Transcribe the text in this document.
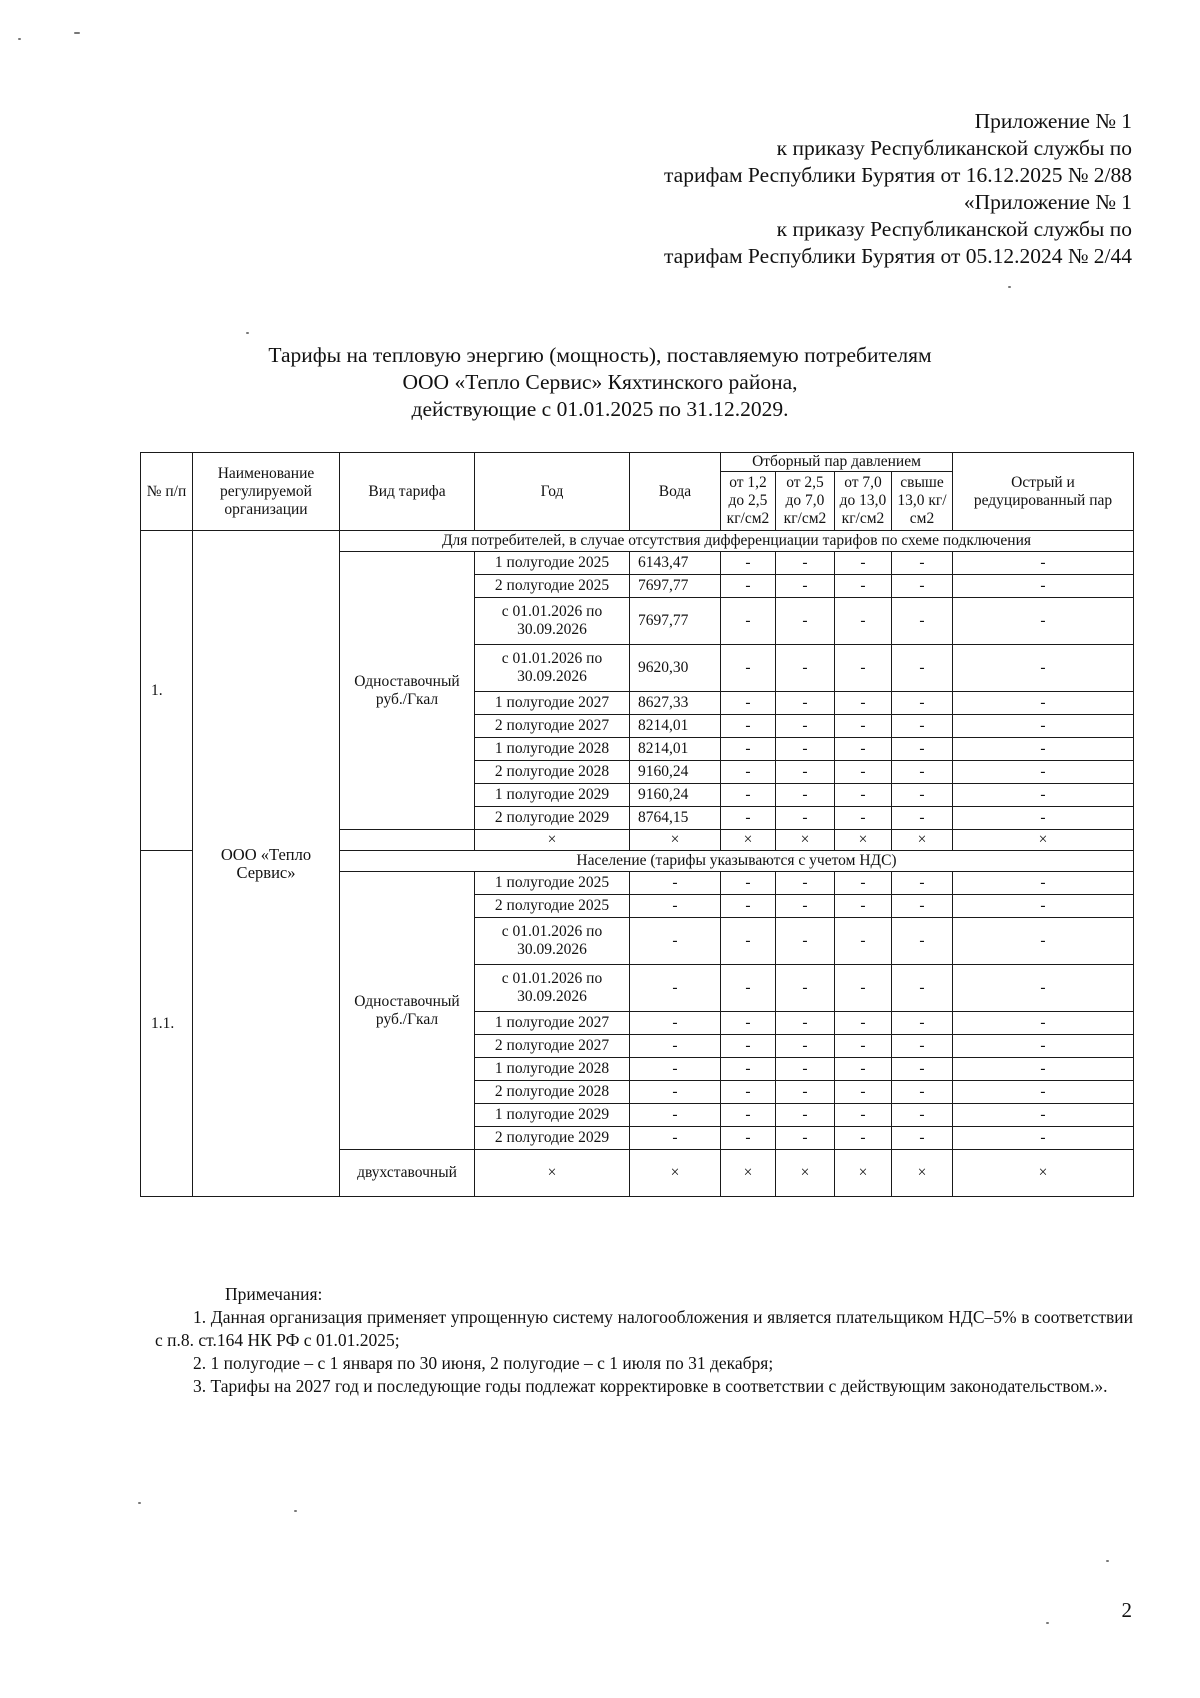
Приложение № 1
к приказу Республиканской службы по
тарифам Республики Бурятия от 16.12.2025 № 2/88
«Приложение № 1
к приказу Республиканской службы по
тарифам Республики Бурятия от 05.12.2024 № 2/44
Тарифы на тепловую энергию (мощность), поставляемую потребителям
ООО «Тепло Сервис» Кяхтинского района,
действующие с 01.01.2025 по 31.12.2029.
№ п/п	Наименование регулируемой организации	Вид тарифа	Год	Вода	Отборный пар давлением				Острый и редуцированный пар
					от 1,2 до 2,5 кг/см2	от 2,5 до 7,0 кг/см2	от 7,0 до 13,0 кг/см2	свыше 13,0 кг/см2	
1.	ООО «Тепло Сервис»	Для потребителей, в случае отсутствия дифференциации тарифов по схеме подключения							
		Одноставочный руб./Гкал	1 полугодие 2025	6143,47	-	-	-	-	-
			2 полугодие 2025	7697,77	-	-	-	-	-
			с 01.01.2026 по 30.09.2026	7697,77	-	-	-	-	-
			с 01.01.2026 по 30.09.2026	9620,30	-	-	-	-	-
			1 полугодие 2027	8627,33	-	-	-	-	-
			2 полугодие 2027	8214,01	-	-	-	-	-
			1 полугодие 2028	8214,01	-	-	-	-	-
			2 полугодие 2028	9160,24	-	-	-	-	-
			1 полугодие 2029	9160,24	-	-	-	-	-
			2 полугодие 2029	8764,15	-	-	-	-	-
			×	×	×	×	×	×	×
1.1.		Население (тарифы указываются с учетом НДС)							
		Одноставочный руб./Гкал	1 полугодие 2025	-	-	-	-	-	-
			2 полугодие 2025	-	-	-	-	-	-
			с 01.01.2026 по 30.09.2026	-	-	-	-	-	-
			с 01.01.2026 по 30.09.2026	-	-	-	-	-	-
			1 полугодие 2027	-	-	-	-	-	-
			2 полугодие 2027	-	-	-	-	-	-
			1 полугодие 2028	-	-	-	-	-	-
			2 полугодие 2028	-	-	-	-	-	-
			1 полугодие 2029	-	-	-	-	-	-
			2 полугодие 2029	-	-	-	-	-	-
		двухставочный	×	×	×	×	×	×	×

Примечания:

1. Данная организация применяет упрощенную систему налогообложения и является плательщиком НДС–5% в соответствии с п.8. ст.164 НК РФ с 01.01.2025;

2. 1 полугодие – с 1 января по 30 июня, 2 полугодие – с 1 июля по 31 декабря;

3. Тарифы на 2027 год и последующие годы подлежат корректировке в соответствии с действующим законодательством.».

2
